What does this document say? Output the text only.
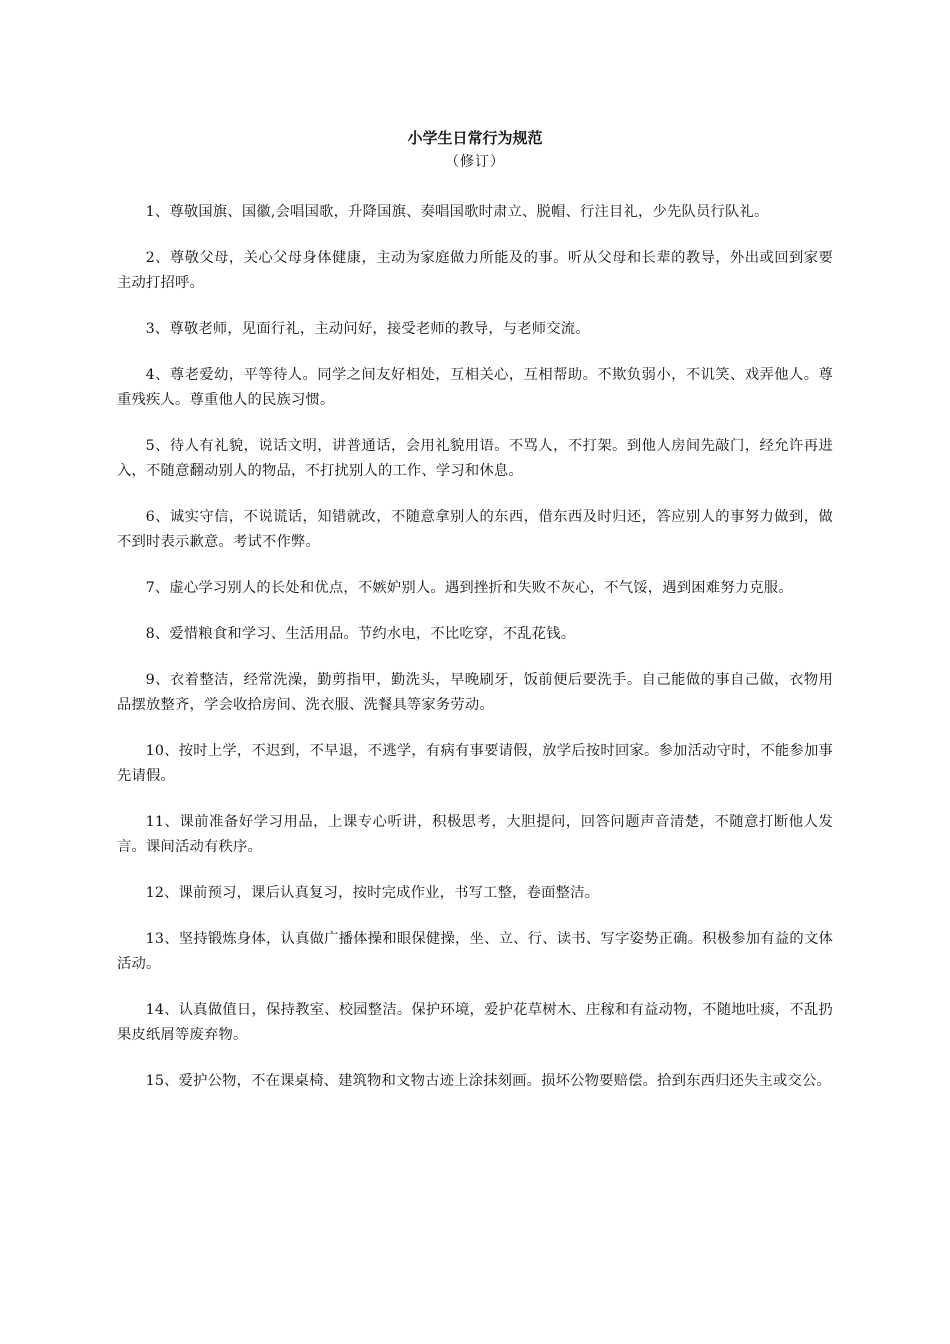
小学生日常行为规范
（修订）
1、尊敬国旗、国徽,会唱国歌，升降国旗、奏唱国歌时肃立、脱帽、行注目礼，少先队员行队礼。
2、尊敬父母，关心父母身体健康，主动为家庭做力所能及的事。听从父母和长辈的教导，外出或回到家要主动打招呼。
3、尊敬老师，见面行礼，主动问好，接受老师的教导，与老师交流。
4、尊老爱幼，平等待人。同学之间友好相处，互相关心，互相帮助。不欺负弱小，不讥笑、戏弄他人。尊重残疾人。尊重他人的民族习惯。
5、待人有礼貌，说话文明，讲普通话，会用礼貌用语。不骂人，不打架。到他人房间先敲门，经允许再进入，不随意翻动别人的物品，不打扰别人的工作、学习和休息。
6、诚实守信，不说谎话，知错就改，不随意拿别人的东西，借东西及时归还，答应别人的事努力做到，做不到时表示歉意。考试不作弊。
7、虚心学习别人的长处和优点，不嫉妒别人。遇到挫折和失败不灰心，不气馁，遇到困难努力克服。
8、爱惜粮食和学习、生活用品。节约水电，不比吃穿，不乱花钱。
9、衣着整洁，经常洗澡，勤剪指甲，勤洗头，早晚刷牙，饭前便后要洗手。自己能做的事自己做，衣物用品摆放整齐，学会收拾房间、洗衣服、洗餐具等家务劳动。
10、按时上学，不迟到，不早退，不逃学，有病有事要请假，放学后按时回家。参加活动守时，不能参加事先请假。
11、课前准备好学习用品，上课专心听讲，积极思考，大胆提问，回答问题声音清楚，不随意打断他人发言。课间活动有秩序。
12、课前预习，课后认真复习，按时完成作业，书写工整，卷面整洁。
13、坚持锻炼身体，认真做广播体操和眼保健操，坐、立、行、读书、写字姿势正确。积极参加有益的文体活动。
14、认真做值日，保持教室、校园整洁。保护环境，爱护花草树木、庄稼和有益动物，不随地吐痰，不乱扔果皮纸屑等废弃物。
15、爱护公物，不在课桌椅、建筑物和文物古迹上涂抹刻画。损坏公物要赔偿。拾到东西归还失主或交公。
